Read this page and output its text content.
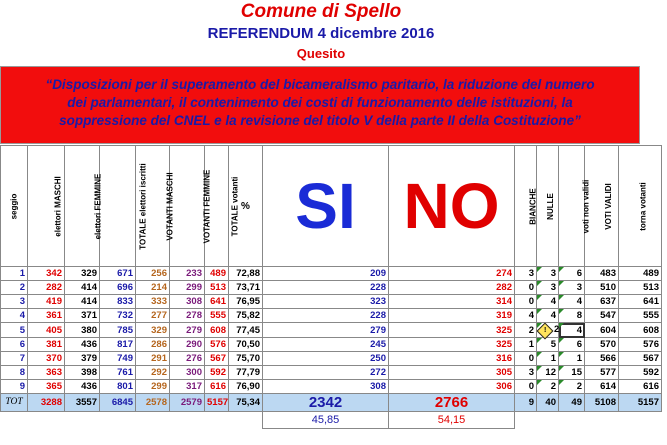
Comune di Spello
REFERENDUM 4 dicembre 2016
Quesito
“Disposizioni per il superamento del bicameralismo paritario, la riduzione del numero
dei parlamentari, il contenimento dei costi di funzionamento delle istituzioni, la
soppressione del CNEL e la revisione del titolo V della parte II della Costituzione”
seggio	elettori MASCHI	elettori FEMMINE	TOTALE elettori iscritti	VOTANTI MASCHI	VOTANTI FEMMINE	TOTALE votanti	%	SI	NO	BIANCHE	NULLE	voti non validi	VOTI VALIDI	torna votanti
1	342	329	671	256	233	489	72,88	209	274	3	3	6	483	489
2	282	414	696	214	299	513	73,71	228	282	0	3	3	510	513
3	419	414	833	333	308	641	76,95	323	314	0	4	4	637	641
4	361	371	732	277	278	555	75,82	228	319	4	4	8	547	555
5	405	380	785	329	279	608	77,45	279	325	2	! 2	4	604	608
6	381	436	817	286	290	576	70,50	245	325	1	5	6	570	576
7	370	379	749	291	276	567	75,70	250	316	0	1	1	566	567
8	363	398	761	292	300	592	77,79	272	305	3	12	15	577	592
9	365	436	801	299	317	616	76,90	308	306	0	2	2	614	616
TOT	3288	3557	6845	2578	2579	5157	75,34	2342	2766	9	40	49	5108	5157
								45,85	54,15					
